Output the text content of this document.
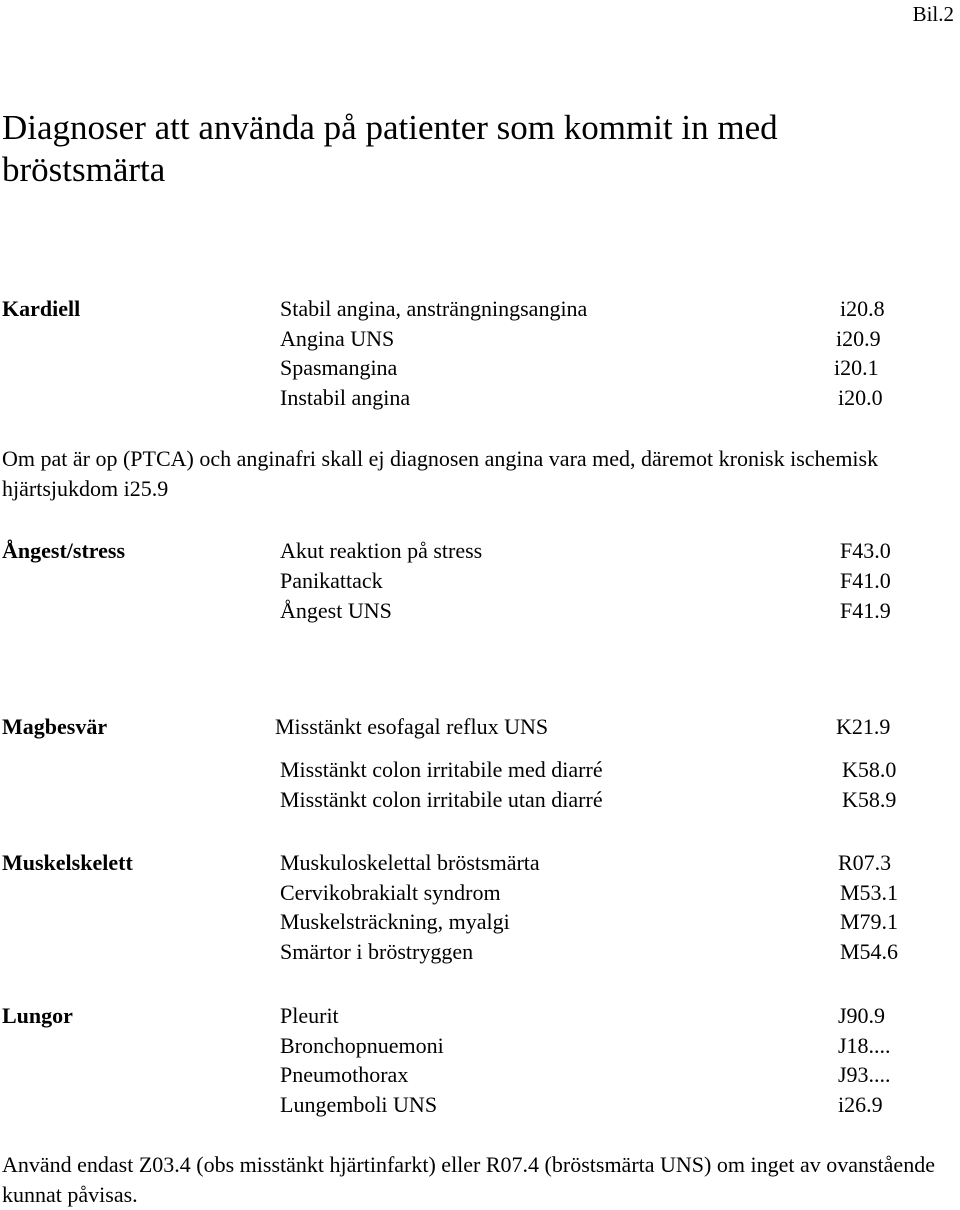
Bil.2
Diagnoser att använda på patienter som kommit in med bröstsmärta
Kardiell	Stabil angina, ansträngningsangina	i20.8
Angina UNS	i20.9
Spasmangina	i20.1
Instabil angina	i20.0
Om pat är op (PTCA) och anginafri skall ej diagnosen angina vara med, däremot kronisk ischemisk hjärtsjukdom i25.9
Ångest/stress	Akut reaktion på stress	F43.0
Panikattack	F41.0
Ångest UNS	F41.9
Magbesvär	Misstänkt esofagal reflux UNS	K21.9
Misstänkt colon irritabile med diarré	K58.0
Misstänkt colon irritabile utan diarré	K58.9
Muskelskelett	Muskuloskelettal bröstsmärta	R07.3
Cervikobrakialt syndrom	M53.1
Muskelsträckning, myalgi	M79.1
Smärtor i bröstryggen	M54.6
Lungor	Pleurit	J90.9
Bronchopnuemoni	J18....
Pneumothorax	J93....
Lungemboli UNS	i26.9
Använd endast Z03.4 (obs misstänkt hjärtinfarkt) eller R07.4 (bröstsmärta UNS) om inget av ovanstående kunnat påvisas.
